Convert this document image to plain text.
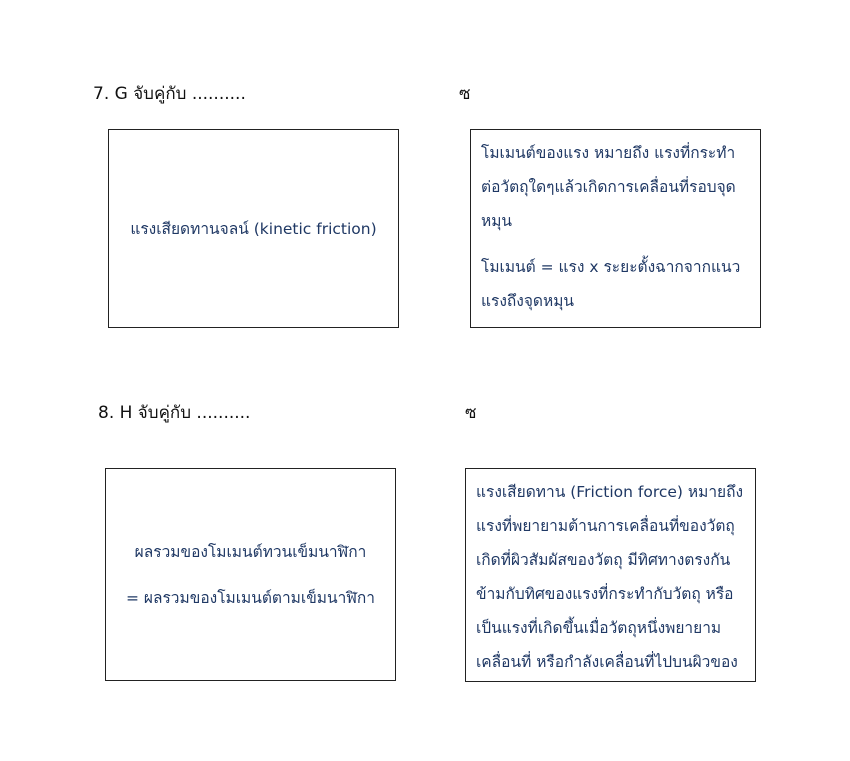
7. G จับคู่กับ ..........	ซ
แรงเสียดทานจลน์ (kinetic friction)
โมเมนต์ของแรง หมายถึง แรงที่กระทำ
ต่อวัตถุใดๆแล้วเกิดการเคลื่อนที่รอบจุด
หมุน
โมเมนต์ = แรง x ระยะตั้งฉากจากแนว
แรงถึงจุดหมุน
8. H จับคู่กับ ..........	ซ
ผลรวมของโมเมนต์ทวนเข็มนาฬิกา
= ผลรวมของโมเมนต์ตามเข็มนาฬิกา
แรงเสียดทาน (Friction force) หมายถึง
แรงที่พยายามต้านการเคลื่อนที่ของวัตถุ
เกิดที่ผิวสัมผัสของวัตถุ มีทิศทางตรงกัน
ข้ามกับทิศของแรงที่กระทำกับวัตถุ หรือ
เป็นแรงที่เกิดขึ้นเมื่อวัตถุหนึ่งพยายาม
เคลื่อนที่ หรือกำลังเคลื่อนที่ไปบนผิวของ
